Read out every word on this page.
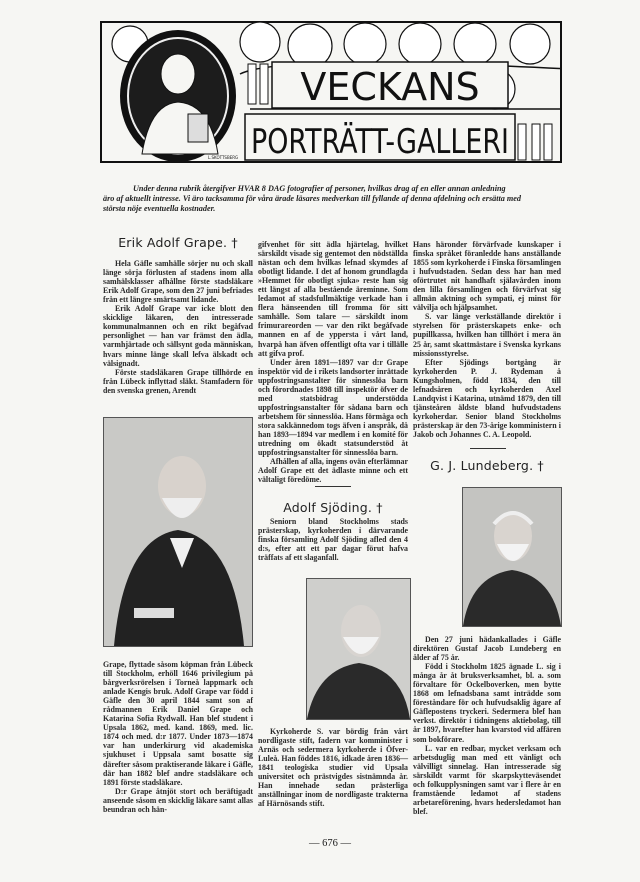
VECKANS
PORTRÄTT-GALLERI
L.SKOTTSBERG
Under denna rubrik återgifver HVAR 8 DAG fotografier af personer, hvilkas drag af en eller annan anledning
äro af aktuellt intresse. Vi äro tacksamma för våra ärade läsares medverkan till fyllande af denna afdelning och ersätta med
största nöje eventuella kostnader.
Erik Adolf Grape. †

Hela Gäfle samhälle sörjer nu och skall länge sörja förlusten af stadens inom alla samhälsklasser afhållne förste stadsläkare Erik Adolf Grape, som den 27 juni befriades från ett längre smärtsamt lidande.

Erik Adolf Grape var icke blott den skicklige läkaren, den intresserade kommunalmannen och en rikt begåfvad personlighet — han var främst den ädla, varmhjärtade och sällsynt goda människan, hvars minne länge skall lefva älskadt och välsignadt.

Förste stadsläkaren Grape tillhörde en från Lübeck inflyttad släkt. Stamfadern för den svenska grenen, Arendt

Grape, flyttade såsom köpman från Lübeck till Stockholm, erhöll 1646 privilegium på bårgverksrörelsen i Torneå lappmark och anlade Kengis bruk. Adolf Grape var född i Gäfle den 30 april 1844 samt son af rådmannen Erik Daniel Grape och Katarina Sofia Rydwall. Han blef student i Upsala 1862, med. kand. 1869, med. lic. 1874 och med. d:r 1877. Under 1873—1874 var han underkirurg vid akademiska sjukhuset i Uppsala samt bosatte sig därefter såsom praktiserande läkare i Gäfle, där han 1882 blef andre stadsläkare och 1891 förste stadsläkare.

D:r Grape åtnjöt stort och beräftigadt anseende såsom en skicklig läkare samt allas beundran och hän-

gifvenhet för sitt ädla hjärtelag, hvilket särskildt visade sig gentemot den nödställda nästan och dem hvilkas lefnad skymdes af obotligt lidande. I det af honom grundlagda »Hemmet för obotligt sjuka» reste han sig ett längst af alla bestående äreminne. Som ledamot af stadsfullmäktige verkade han i flera hänseenden till fromma för sitt samhälle. Som talare — särskildt inom frimurareorden — var den rikt begåfvade mannen en af de yppersta i vårt land, hvarpå han äfven offentligt ofta var i tillälle att gifva prof.

Under åren 1891—1897 var d:r Grape inspektör vid de i rikets landsorter inrättade uppfostringsanstalter för sinnesslöa barn och förordnades 1898 till inspektör öfver de med statsbidrag understödda uppfostringsanstalter för sådana barn och arbetshem för sinnesslöa. Hans förmåga och stora sakkännedom togs äfven i anspråk, då han 1893—1894 var medlem i en komité för utredning om ökadt statsunderstöd åt uppfostringsanstalter för sinnesslöa barn.

Afhållen af alla, ingens ovän efterlämnar Adolf Grape ett det ädlaste minne och ett vältaligt föredöme.

Adolf Sjöding. †

Seniorn bland Stockholms stads prästerskap, kyrkoherden i därvarande finska församling Adolf Sjöding afled den 4 d:s, efter att ett par dagar förut hafva träffats af ett slaganfall.

Kyrkoherde S. var bördig från vårt nordligaste stift, fadern var komminister i Arnäs och sedermera kyrkoherde i Öfver-Luleå. Han föddes 1816, idkade åren 1836—1841 teologiska studier vid Upsala universitet och prästvigdes sistnämnda år. Han innehade sedan prästerliga anställningar inom de nordligaste trakterna af Härnösands stift.

Hans häronder förvärfvade kunskaper i finska språket föranledde hans anställande 1855 som kyrkoherde i Finska församlingen i hufvudstaden. Sedan dess har han med oförtrutet nit handhaft själavården inom den lilla församlingen och förvärfvat sig allmän aktning och sympati, ej minst för välvilja och hjälpsamhet.

S. var länge verkställande direktör i styrelsen för prästerskapets enke- och pupillkassa, hvilken han tillhört i mera än 25 år, samt skattmästare i Svenska kyrkans missionsstyrelse.

Efter Sjödings bortgång är kyrkoherden P. J. Rydeman å Kungsholmen, född 1834, den till lefnadsåren och kyrkoherden Axel Landqvist i Katarina, utnämd 1879, den till tjänsteåren äldste bland hufvudstadens kyrkoherdar. Senior bland Stockholms prästerskap är den 73-årige komministern i Jakob och Johannes C. A. Leopold.

G. J. Lundeberg. †

Den 27 juni hädankallades i Gäfle direktören Gustaf Jacob Lundeberg en ålder af 75 år.

Född i Stockholm 1825 ägnade L. sig i många år åt bruksverksamhet, bl. a. som förvaltare för Ockelboverken, men bytte 1868 om lefnadsbana samt inträdde som föreståndare för och hufvudsaklig ägare af Gäflepostens tryckeri. Sedermera blef han verkst. direktör i tidningens aktiebolag, till år 1897, hvarefter han kvarstod vid affären som bokförare.

L. var en redbar, mycket verksam och arbetsduglig man med ett vänligt och välvilligt sinnelag. Han intresserade sig särskildt varmt för skarpskytteväsendet och folkupplysningen samt var i flere år en framstående ledamot af stadens arbetareförening, hvars hedersledamot han blef.

— 676 —
